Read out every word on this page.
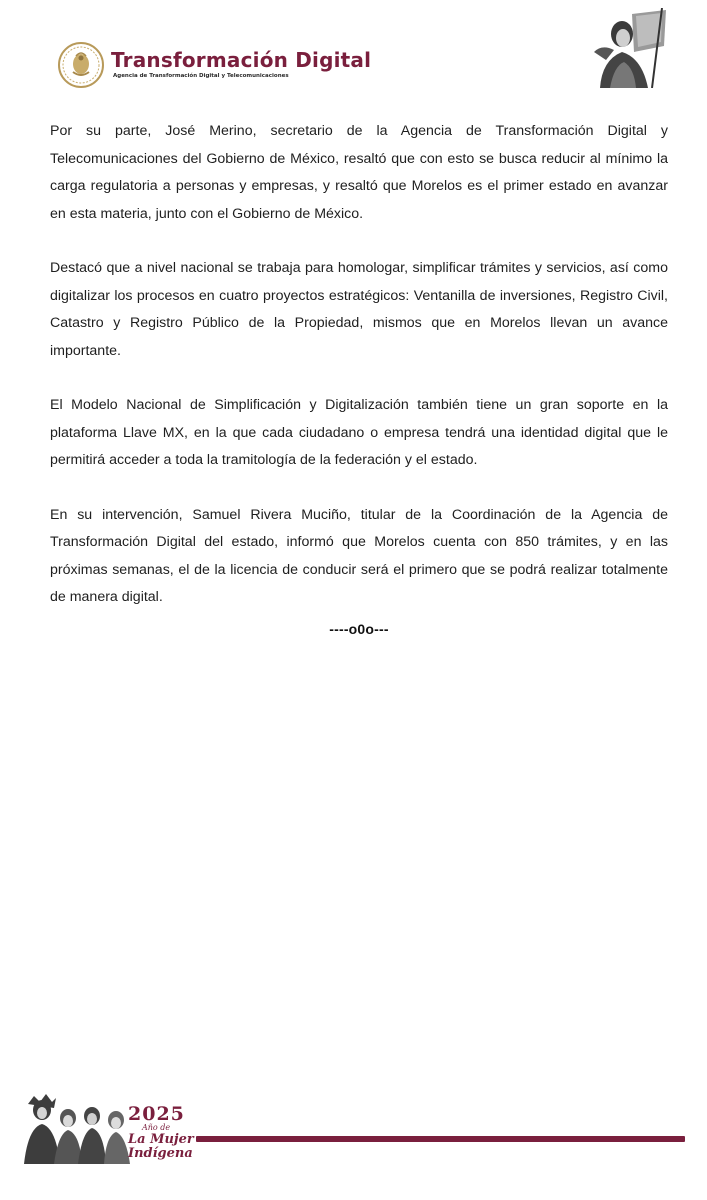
Transformación Digital
Agencia de Transformación Digital y Telecomunicaciones

Por su parte, José Merino, secretario de la Agencia de Transformación Digital y Telecomunicaciones del Gobierno de México, resaltó que con esto se busca reducir al mínimo la carga regulatoria a personas y empresas, y resaltó que Morelos es el primer estado en avanzar en esta materia, junto con el Gobierno de México.

Destacó que a nivel nacional se trabaja para homologar, simplificar trámites y servicios, así como digitalizar los procesos en cuatro proyectos estratégicos: Ventanilla de inversiones, Registro Civil, Catastro y Registro Público de la Propiedad, mismos que en Morelos llevan un avance importante.

El Modelo Nacional de Simplificación y Digitalización también tiene un gran soporte en la plataforma Llave MX, en la que cada ciudadano o empresa tendrá una identidad digital que le permitirá acceder a toda la tramitología de la federación y el estado.

En su intervención, Samuel Rivera Muciño, titular de la Coordinación de la Agencia de Transformación Digital del estado, informó que Morelos cuenta con 850 trámites, y en las próximas semanas, el de la licencia de conducir será el primero que se podrá realizar totalmente de manera digital.

----o0o---
2025
Año de
La Mujer
Indígena
